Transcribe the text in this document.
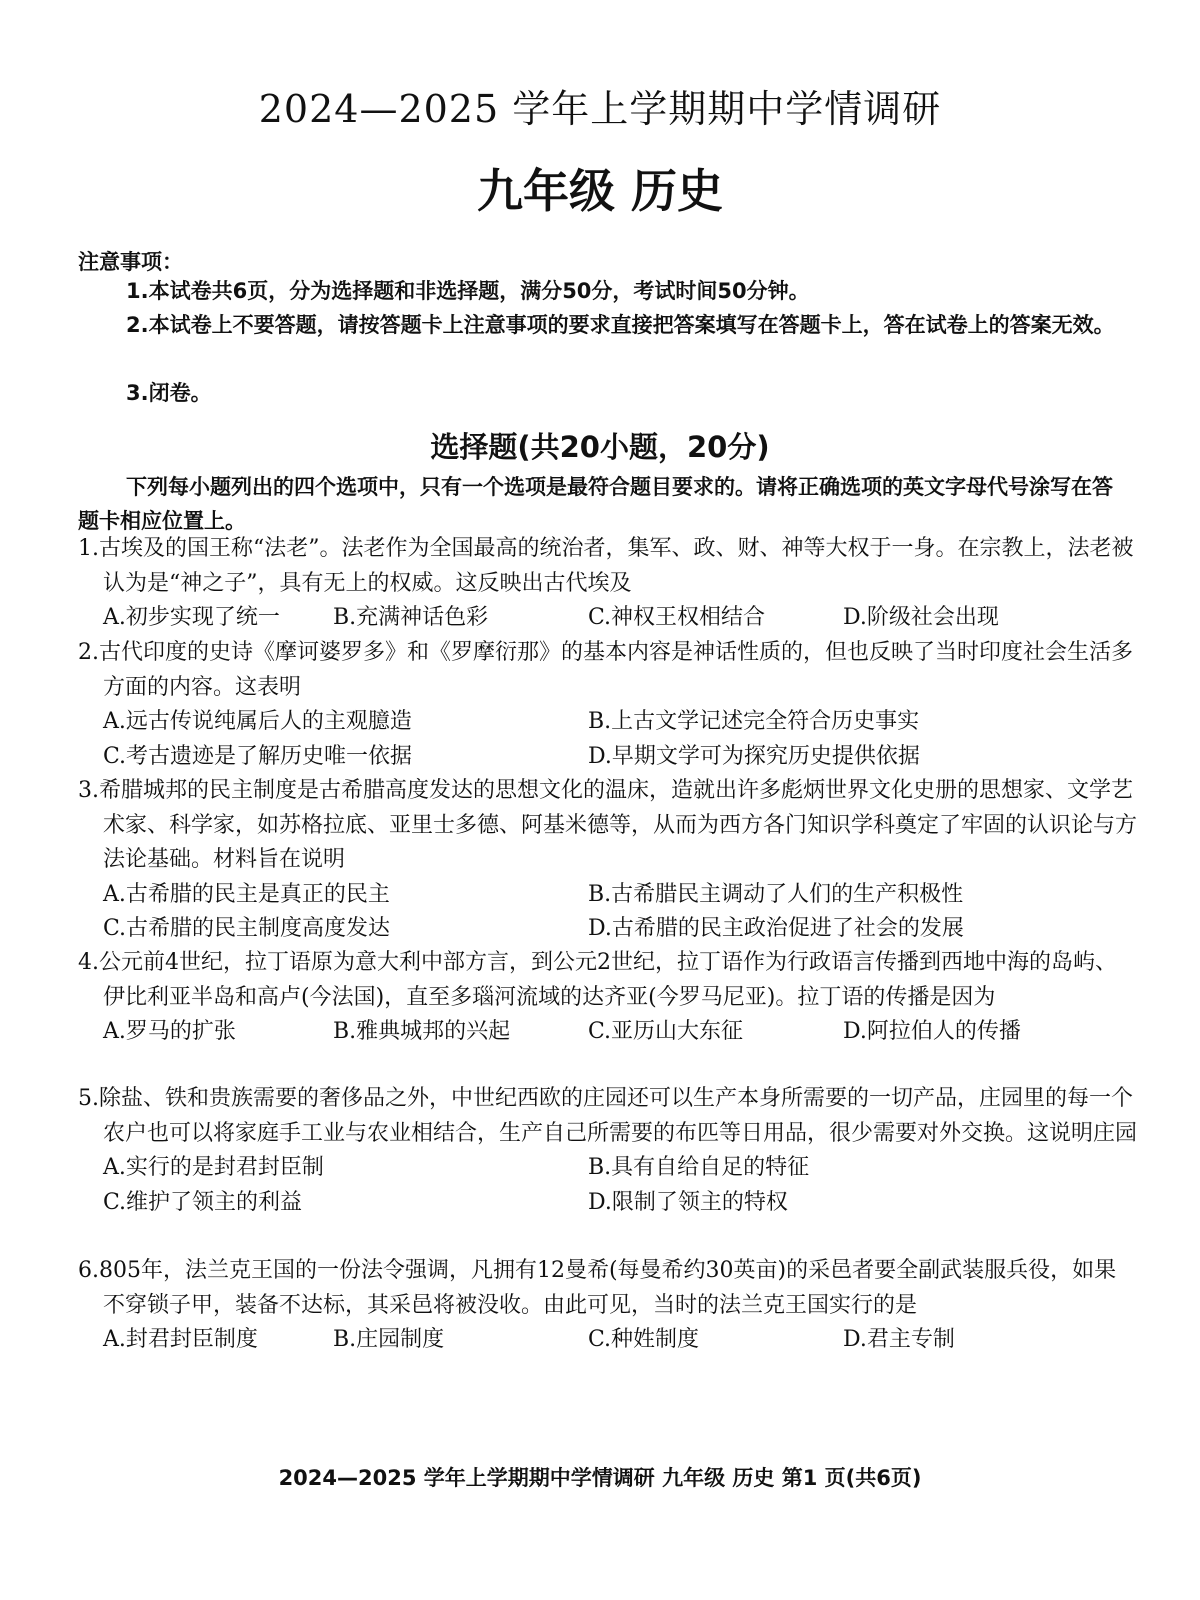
2024—2025 学年上学期期中学情调研
九年级 历史
注意事项：
1.本试卷共6页，分为选择题和非选择题，满分50分，考试时间50分钟。
2.本试卷上不要答题，请按答题卡上注意事项的要求直接把答案填写在答题卡上，答在试卷上的答案无效。
3.闭卷。
选择题(共20小题，20分)
下列每小题列出的四个选项中，只有一个选项是最符合题目要求的。请将正确选项的英文字母代号涂写在答题卡相应位置上。
1.古埃及的国王称“法老”。法老作为全国最高的统治者，集军、政、财、神等大权于一身。在宗教上，法老被认为是“神之子”，具有无上的权威。这反映出古代埃及
A.初步实现了统一	B.充满神话色彩	C.神权王权相结合	D.阶级社会出现
2.古代印度的史诗《摩诃婆罗多》和《罗摩衍那》的基本内容是神话性质的，但也反映了当时印度社会生活多方面的内容。这表明
A.远古传说纯属后人的主观臆造	B.上古文学记述完全符合历史事实
C.考古遗迹是了解历史唯一依据	D.早期文学可为探究历史提供依据
3.希腊城邦的民主制度是古希腊高度发达的思想文化的温床，造就出许多彪炳世界文化史册的思想家、文学艺术家、科学家，如苏格拉底、亚里士多德、阿基米德等，从而为西方各门知识学科奠定了牢固的认识论与方法论基础。材料旨在说明
A.古希腊的民主是真正的民主	B.古希腊民主调动了人们的生产积极性
C.古希腊的民主制度高度发达	D.古希腊的民主政治促进了社会的发展
4.公元前4世纪，拉丁语原为意大利中部方言，到公元2世纪，拉丁语作为行政语言传播到西地中海的岛屿、伊比利亚半岛和高卢(今法国)，直至多瑙河流域的达齐亚(今罗马尼亚)。拉丁语的传播是因为
A.罗马的扩张	B.雅典城邦的兴起	C.亚历山大东征	D.阿拉伯人的传播
5.除盐、铁和贵族需要的奢侈品之外，中世纪西欧的庄园还可以生产本身所需要的一切产品，庄园里的每一个农户也可以将家庭手工业与农业相结合，生产自己所需要的布匹等日用品，很少需要对外交换。这说明庄园
A.实行的是封君封臣制	B.具有自给自足的特征
C.维护了领主的利益	D.限制了领主的特权
6.805年，法兰克王国的一份法令强调，凡拥有12曼希(每曼希约30英亩)的采邑者要全副武装服兵役，如果不穿锁子甲，装备不达标，其采邑将被没收。由此可见，当时的法兰克王国实行的是
A.封君封臣制度	B.庄园制度	C.种姓制度	D.君主专制
2024—2025 学年上学期期中学情调研 九年级 历史 第1 页(共6页)
